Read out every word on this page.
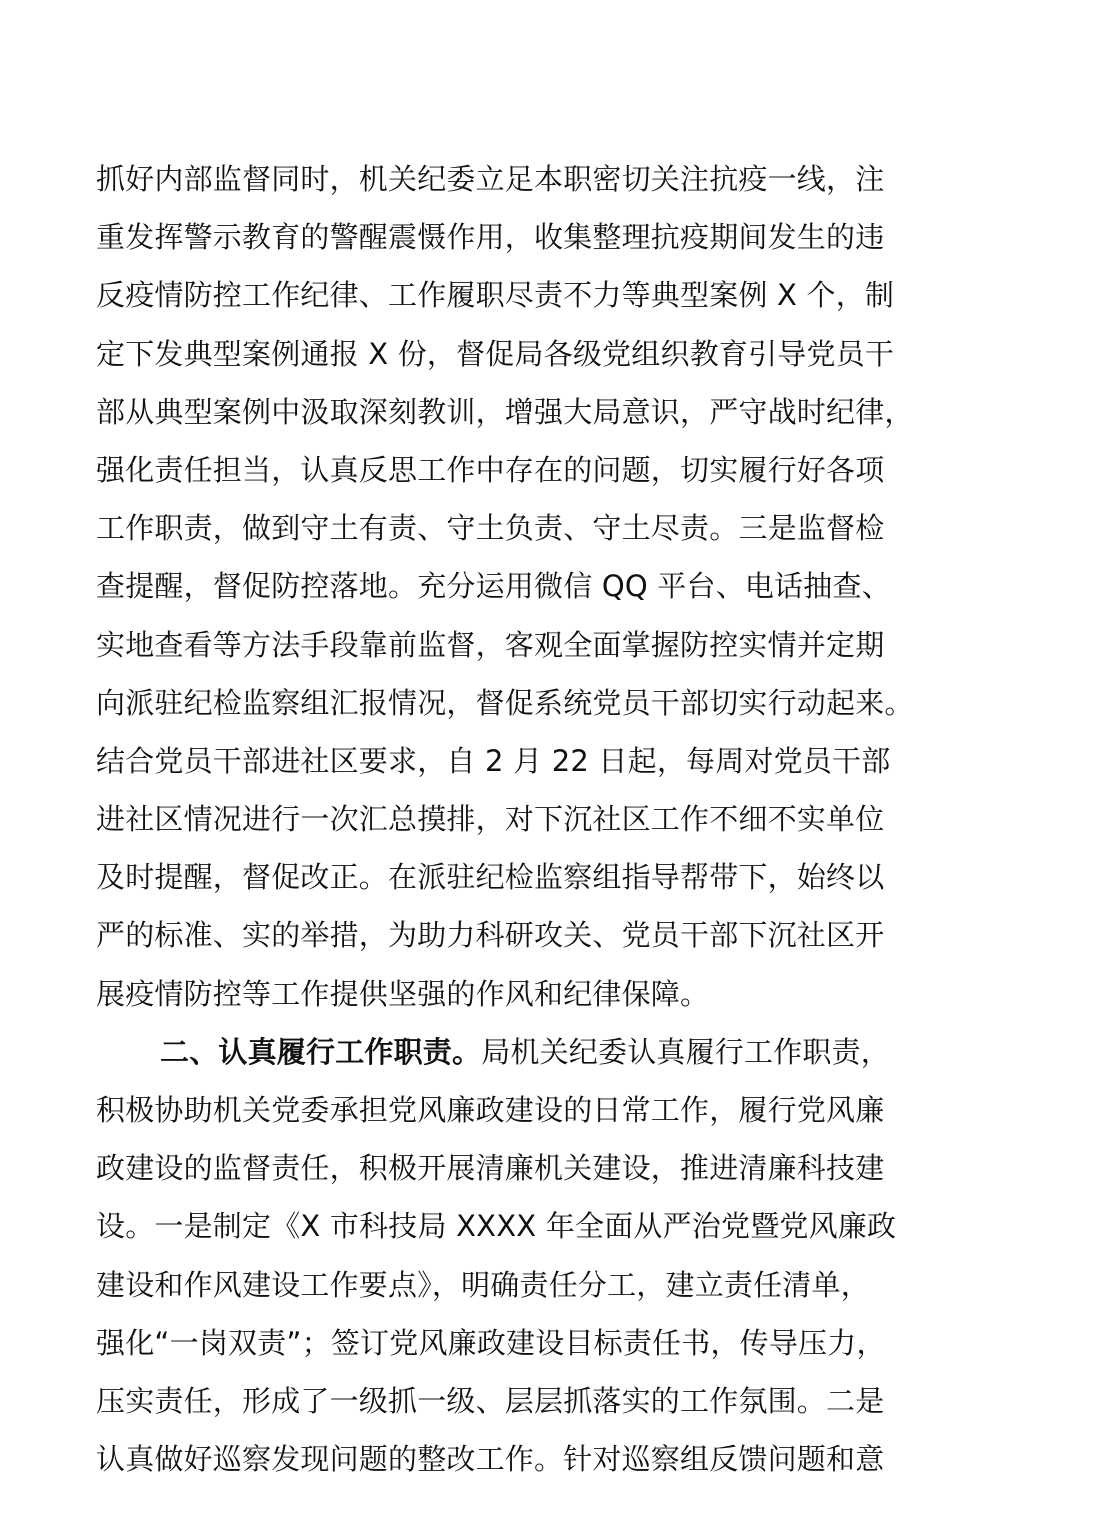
抓好内部监督同时，机关纪委立足本职密切关注抗疫一线，注
重发挥警示教育的警醒震慑作用，收集整理抗疫期间发生的违
反疫情防控工作纪律、工作履职尽责不力等典型案例 X 个，制
定下发典型案例通报 X 份，督促局各级党组织教育引导党员干
部从典型案例中汲取深刻教训，增强大局意识，严守战时纪律，
强化责任担当，认真反思工作中存在的问题，切实履行好各项
工作职责，做到守土有责、守土负责、守土尽责。三是监督检
查提醒，督促防控落地。充分运用微信 QQ 平台、电话抽查、
实地查看等方法手段靠前监督，客观全面掌握防控实情并定期
向派驻纪检监察组汇报情况，督促系统党员干部切实行动起来。
结合党员干部进社区要求，自 2 月 22 日起，每周对党员干部
进社区情况进行一次汇总摸排，对下沉社区工作不细不实单位
及时提醒，督促改正。在派驻纪检监察组指导帮带下，始终以
严的标准、实的举措，为助力科研攻关、党员干部下沉社区开
展疫情防控等工作提供坚强的作风和纪律保障。
二、认真履行工作职责。局机关纪委认真履行工作职责，
积极协助机关党委承担党风廉政建设的日常工作，履行党风廉
政建设的监督责任，积极开展清廉机关建设，推进清廉科技建
设。一是制定《X 市科技局 XXXX 年全面从严治党暨党风廉政
建设和作风建设工作要点》，明确责任分工，建立责任清单，
强化“一岗双责”；签订党风廉政建设目标责任书，传导压力，
压实责任，形成了一级抓一级、层层抓落实的工作氛围。二是
认真做好巡察发现问题的整改工作。针对巡察组反馈问题和意
